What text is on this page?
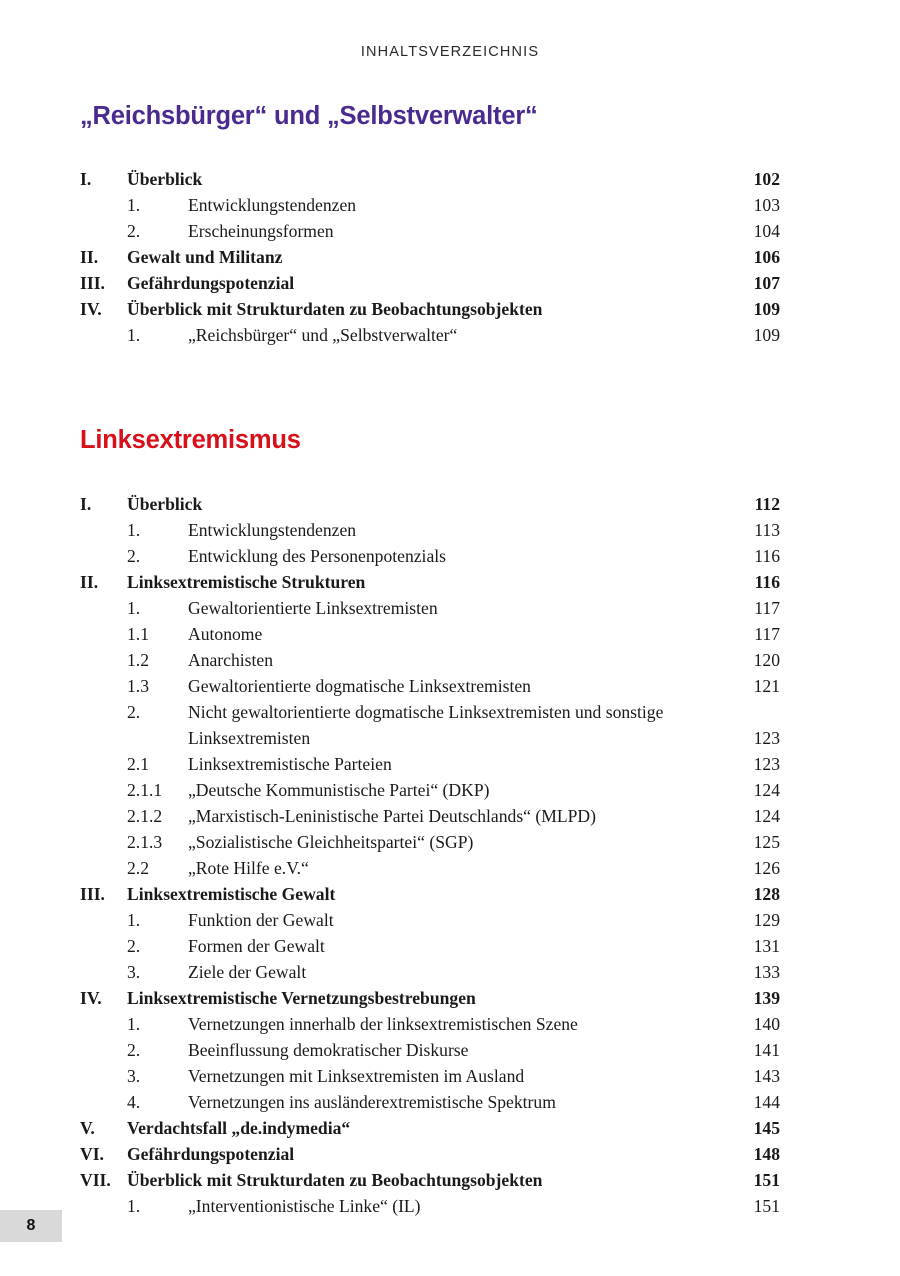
INHALTSVERZEICHNIS
„Reichsbürger“ und „Selbstverwalter“
I.	Überblick	102
1.	Entwicklungstendenzen	103
2.	Erscheinungsformen	104
II.	Gewalt und Militanz	106
III.	Gefährdungspotenzial	107
IV.	Überblick mit Strukturdaten zu Beobachtungsobjekten	109
1.	„Reichsbürger“ und „Selbstverwalter“	109
Linksextremismus
I.	Überblick	112
1.	Entwicklungstendenzen	113
2.	Entwicklung des Personenpotenzials	116
II.	Linksextremistische Strukturen	116
1.	Gewaltorientierte Linksextremisten	117
1.1	Autonome	117
1.2	Anarchisten	120
1.3	Gewaltorientierte dogmatische Linksextremisten	121
2.	Nicht gewaltorientierte dogmatische Linksextremisten und sonstige Linksextremisten	123
2.1	Linksextremistische Parteien	123
2.1.1	„Deutsche Kommunistische Partei“ (DKP)	124
2.1.2	„Marxistisch-Leninistische Partei Deutschlands“ (MLPD)	124
2.1.3	„Sozialistische Gleichheitspartei“ (SGP)	125
2.2	„Rote Hilfe e.V.“	126
III.	Linksextremistische Gewalt	128
1.	Funktion der Gewalt	129
2.	Formen der Gewalt	131
3.	Ziele der Gewalt	133
IV.	Linksextremistische Vernetzungsbestrebungen	139
1.	Vernetzungen innerhalb der linksextremistischen Szene	140
2.	Beeinflussung demokratischer Diskurse	141
3.	Vernetzungen mit Linksextremisten im Ausland	143
4.	Vernetzungen ins ausländerextremistische Spektrum	144
V.	Verdachtsfall „de.indymedia“	145
VI.	Gefährdungspotenzial	148
VII. Überblick mit Strukturdaten zu Beobachtungsobjekten	151
1.	„Interventionistische Linke“ (IL)	151
8
